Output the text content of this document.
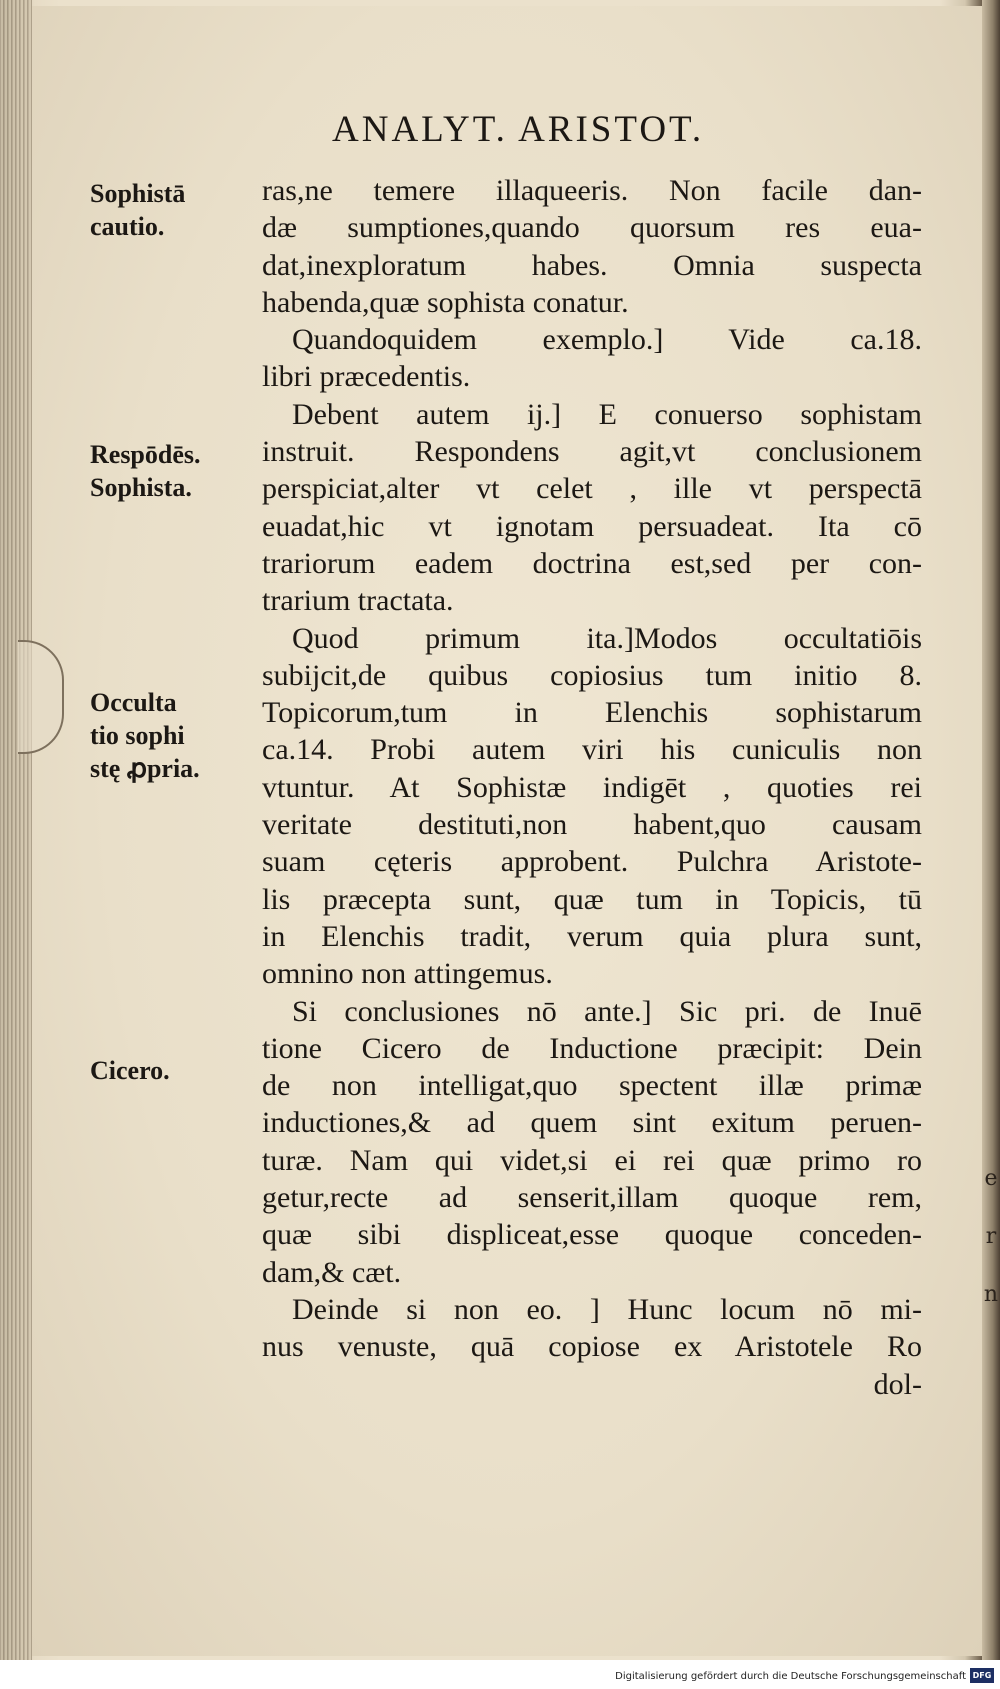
e
r
n
ANALYT. ARISTOT.
Sophistā
cautio.
Respōdēs.
Sophista.
Occulta
tio sophi
stę ꝓpria.
Cicero.
ras,ne temere illaqueeris. Non facile dan-
dæ sumptiones,quando quorsum res eua-
dat,inexploratum habes. Omnia suspecta
habenda,quæ sophista conatur.
Quandoquidem exemplo.] Vide ca.18.
libri præcedentis.
Debent autem ij.] E conuerso sophistam
instruit. Respondens agit,vt conclusionem
perspiciat,alter vt celet , ille vt perspectā
euadat,hic vt ignotam persuadeat. Ita cō
trariorum eadem doctrina est,sed per con-
trarium tractata.
Quod primum ita.]Modos occultatiōis
subijcit,de quibus copiosius tum initio 8.
Topicorum,tum in Elenchis sophistarum
ca.14. Probi autem viri his cuniculis non
vtuntur. At Sophistæ indigēt , quoties rei
veritate destituti,non habent,quo causam
suam cęteris approbent. Pulchra Aristote-
lis præcepta sunt, quæ tum in Topicis, tū
in Elenchis tradit, verum quia plura sunt,
omnino non attingemus.
Si conclusiones nō ante.] Sic pri. de Inuē
tione Cicero de Inductione præcipit: Dein
de non intelligat,quo spectent illæ primæ
inductiones,& ad quem sint exitum peruen-
turæ. Nam qui videt,si ei rei quæ primo ro
getur,recte ad senserit,illam quoque rem,
quæ sibi displiceat,esse quoque conceden-
dam,& cæt.
Deinde si non eo. ] Hunc locum nō mi-
nus venuste, quā copiose ex Aristotele Ro
dol-
Digitalisierung gefördert durch die Deutsche Forschungsgemeinschaft DFG
